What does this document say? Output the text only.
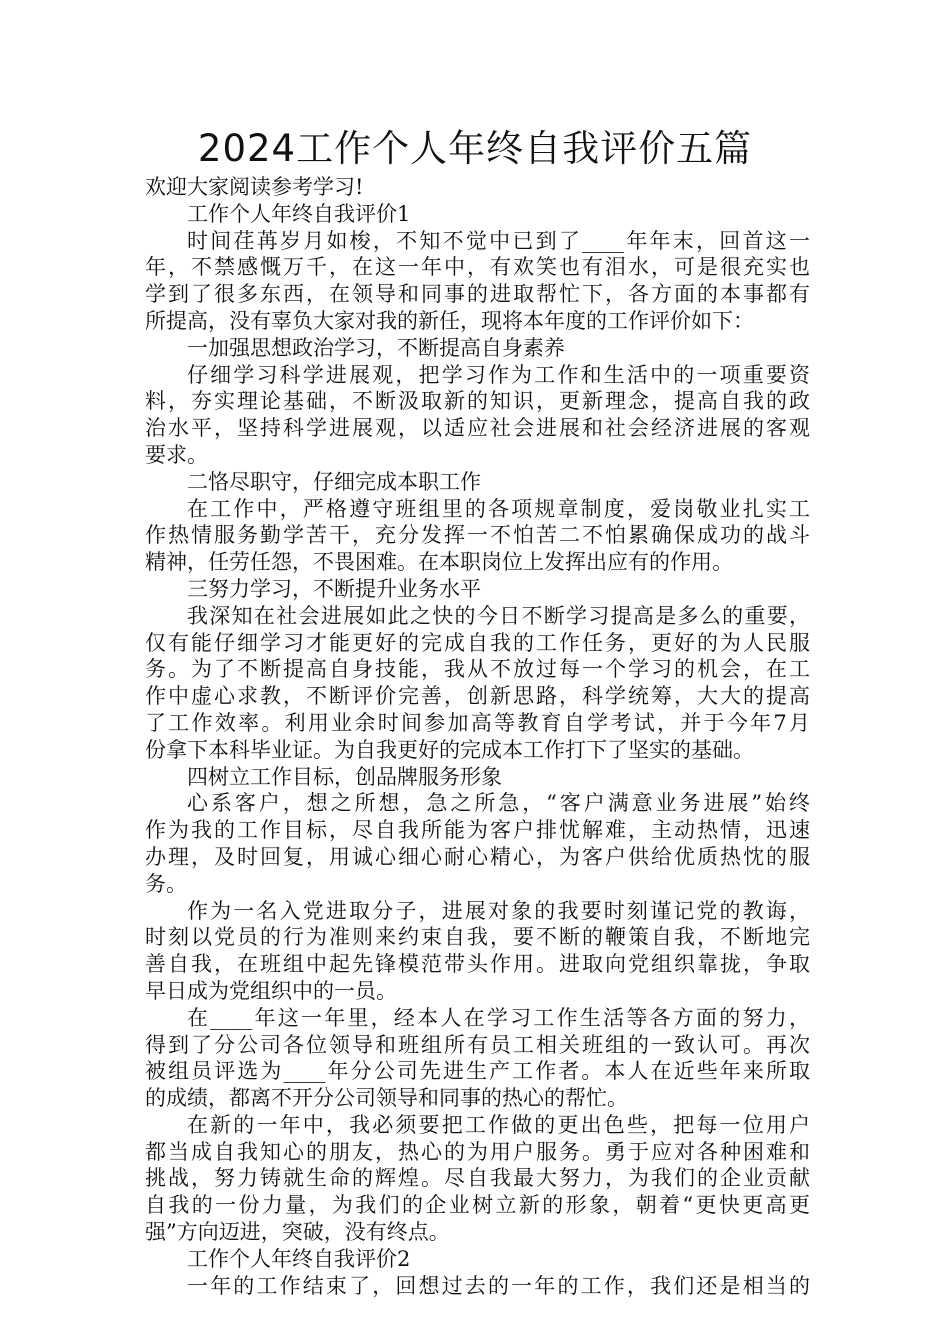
2024工作个人年终自我评价五篇
欢迎大家阅读参考学习!
工作个人年终自我评价1
时间荏苒岁月如梭，不知不觉中已到了____年年末，回首这一
年，不禁感慨万千，在这一年中，有欢笑也有泪水，可是很充实也
学到了很多东西，在领导和同事的进取帮忙下，各方面的本事都有
所提高，没有辜负大家对我的新任，现将本年度的工作评价如下：
一加强思想政治学习，不断提高自身素养
仔细学习科学进展观，把学习作为工作和生活中的一项重要资
料，夯实理论基础，不断汲取新的知识，更新理念，提高自我的政
治水平，坚持科学进展观，以适应社会进展和社会经济进展的客观
要求。
二恪尽职守，仔细完成本职工作
在工作中，严格遵守班组里的各项规章制度，爱岗敬业扎实工
作热情服务勤学苦干，充分发挥一不怕苦二不怕累确保成功的战斗
精神，任劳任怨，不畏困难。在本职岗位上发挥出应有的作用。
三努力学习，不断提升业务水平
我深知在社会进展如此之快的今日不断学习提高是多么的重要，
仅有能仔细学习才能更好的完成自我的工作任务，更好的为人民服
务。为了不断提高自身技能，我从不放过每一个学习的机会，在工
作中虚心求教，不断评价完善，创新思路，科学统筹，大大的提高
了工作效率。利用业余时间参加高等教育自学考试，并于今年7月
份拿下本科毕业证。为自我更好的完成本工作打下了坚实的基础。
四树立工作目标，创品牌服务形象
心系客户，想之所想，急之所急，“客户满意业务进展”始终
作为我的工作目标，尽自我所能为客户排忧解难，主动热情，迅速
办理，及时回复，用诚心细心耐心精心，为客户供给优质热忱的服
务。
作为一名入党进取分子，进展对象的我要时刻谨记党的教诲，
时刻以党员的行为准则来约束自我，要不断的鞭策自我，不断地完
善自我，在班组中起先锋模范带头作用。进取向党组织靠拢，争取
早日成为党组织中的一员。
在____年这一年里，经本人在学习工作生活等各方面的努力，
得到了分公司各位领导和班组所有员工相关班组的一致认可。再次
被组员评选为____年分公司先进生产工作者。本人在近些年来所取
的成绩，都离不开分公司领导和同事的热心的帮忙。
在新的一年中，我必须要把工作做的更出色些，把每一位用户
都当成自我知心的朋友，热心的为用户服务。勇于应对各种困难和
挑战，努力铸就生命的辉煌。尽自我最大努力，为我们的企业贡献
自我的一份力量，为我们的企业树立新的形象，朝着“更快更高更
强”方向迈进，突破，没有终点。
工作个人年终自我评价2
一年的工作结束了，回想过去的一年的工作，我们还是相当的
